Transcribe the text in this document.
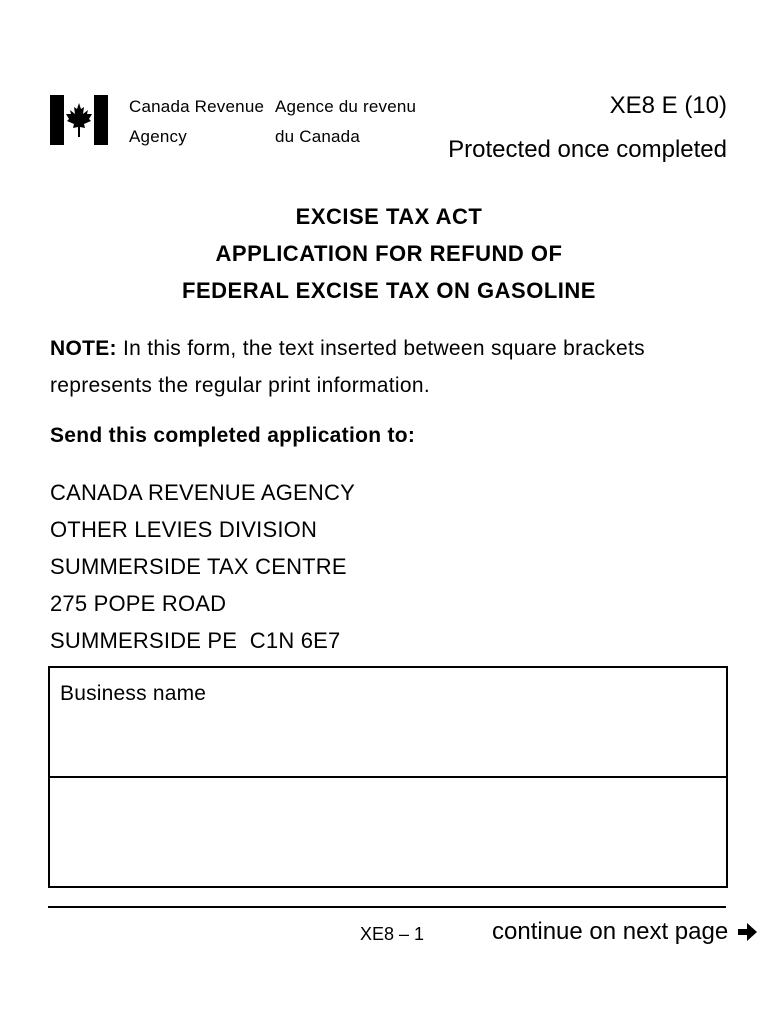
Canada Revenue
Agency
Agence du revenu
du Canada
XE8 E (10)
Protected once completed
EXCISE TAX ACT
APPLICATION FOR REFUND OF
FEDERAL EXCISE TAX ON GASOLINE
NOTE: In this form, the text inserted between square brackets represents the regular print information.
Send this completed application to:
CANADA REVENUE AGENCY
OTHER LEVIES DIVISION
SUMMERSIDE TAX CENTRE
275 POPE ROAD
SUMMERSIDE PE  C1N 6E7
Business name
XE8 – 1	continue on next page
